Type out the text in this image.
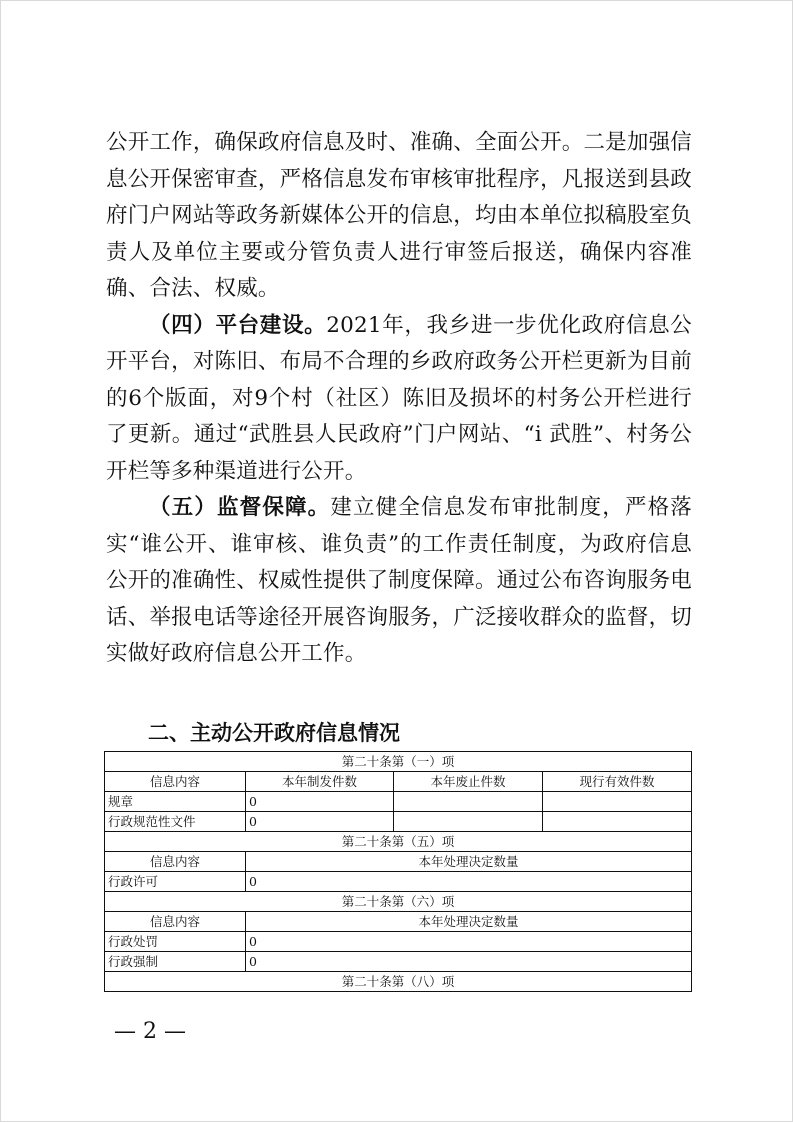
公开工作，确保政府信息及时、准确、全面公开。二是加强信息公开保密审查，严格信息发布审核审批程序，凡报送到县政府门户网站等政务新媒体公开的信息，均由本单位拟稿股室负责人及单位主要或分管负责人进行审签后报送，确保内容准确、合法、权威。

（四）平台建设。2021年，我乡进一步优化政府信息公开平台，对陈旧、布局不合理的乡政府政务公开栏更新为目前的6个版面，对9个村（社区）陈旧及损坏的村务公开栏进行了更新。通过“武胜县人民政府”门户网站、“i 武胜”、村务公开栏等多种渠道进行公开。

（五）监督保障。建立健全信息发布审批制度，严格落实“谁公开、谁审核、谁负责”的工作责任制度，为政府信息公开的准确性、权威性提供了制度保障。通过公布咨询服务电话、举报电话等途径开展咨询服务，广泛接收群众的监督，切实做好政府信息公开工作。

二、主动公开政府信息情况
第二十条第（一）项			
信息内容	本年制发件数	本年废止件数	现行有效件数
规章	0		
行政规范性文件	0		
第二十条第（五）项			
信息内容	本年处理决定数量		
行政许可	0		
第二十条第（六）项			
信息内容	本年处理决定数量		
行政处罚	0		
行政强制	0		
第二十条第（八）项			
— 2 —
